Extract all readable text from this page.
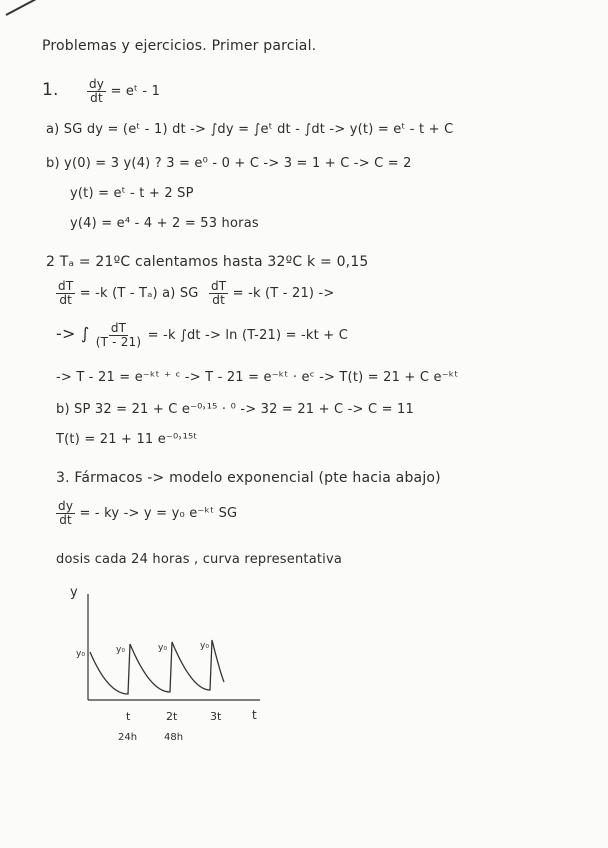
Problemas y ejercicios. Primer parcial.
1. $\frac{dy}{dt}$ = eᵗ - 1
a) SG dy = (eᵗ - 1) dt -> ∫dy = ∫eᵗ dt - ∫dt -> y(t) = eᵗ - t + C
b) y(0) = 3 y(4) ? 3 = e⁰ - 0 + C -> 3 = 1 + C -> C = 2
y(t) = eᵗ - t + 2 SP
y(4) = e⁴ - 4 + 2 = 53 horas
2 Tₐ = 21ºC calentamos hasta 32ºC k = 0,15
$\frac{dT}{dt} = -k$ (T - Tₐ) a) SG $\frac{dT}{dt} = -k$ (T - 21) ->
-> ∫ $\frac{dT}{(T - 21)} = -k$ ∫dt -> ln (T-21) = -kt + C
-> T - 21 = e⁻ᵏᵗ ⁺ ᶜ -> T - 21 = e⁻ᵏᵗ · eᶜ -> T(t) = 21 + C e⁻ᵏᵗ
b) SP 32 = 21 + C e⁻⁰˒¹⁵ · ⁰ -> 32 = 21 + C -> C = 11
T(t) = 21 + 11 e⁻⁰˒¹⁵ᵗ
3. Fármacos -> modelo exponencial (pte hacia abajo)
$\frac{dy}{dt}$ = - ky -> y = y₀ e⁻ᵏᵗ SG
dosis cada 24 horas , curva representativa
y
t
y₀	y₀	y₀	y₀
t	2t	3t
24h	48h
